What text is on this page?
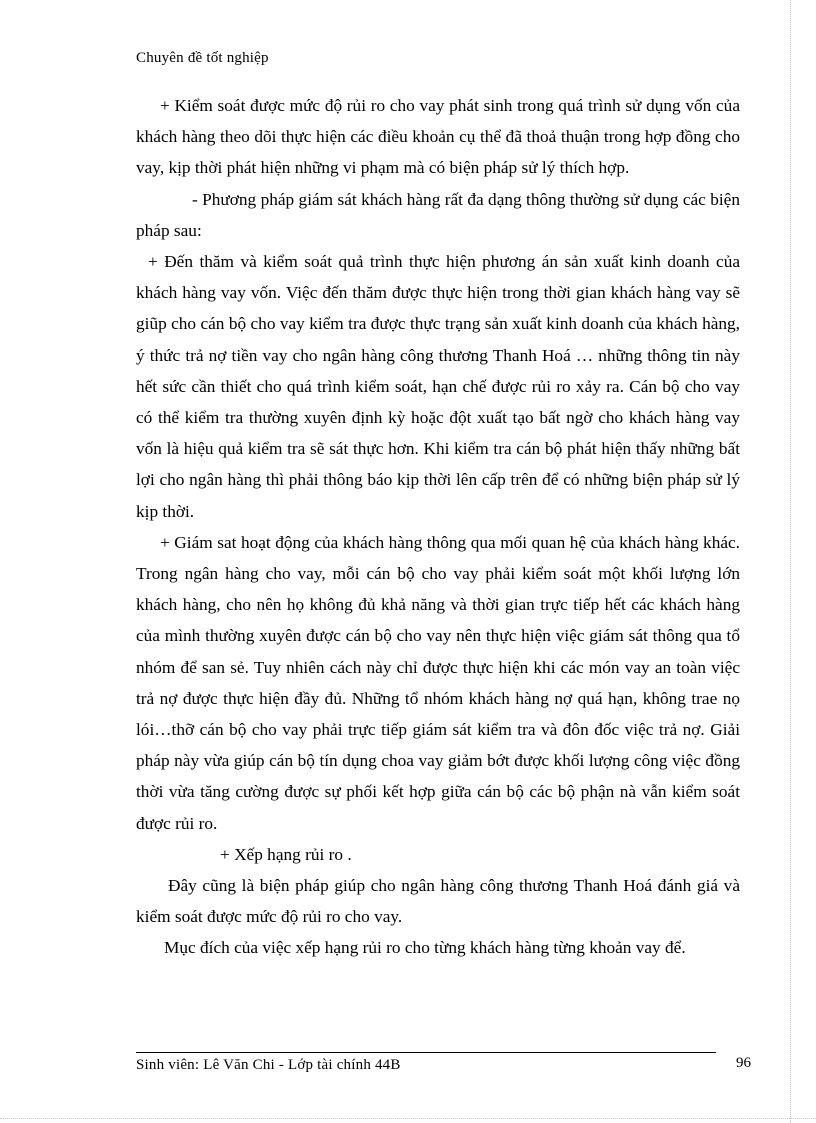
Chuyên đề tốt nghiệp

+ Kiểm soát được mức độ rủi ro cho vay phát sinh trong quá trình sử dụng vốn của khách hàng theo dõi thực hiện các điều khoản cụ thể đã thoả thuận trong hợp đồng cho vay, kịp thời phát hiện những vi phạm mà có biện pháp sử lý thích hợp.

- Phương pháp giám sát khách hàng rất đa dạng thông thường sử dụng các biện pháp sau:

+ Đến thăm và kiểm soát quả trình thực hiện phương án sản xuất kinh doanh của khách hàng vay vốn. Việc đến thăm được thực hiện trong thời gian khách hàng vay sẽ giũp cho cán bộ cho vay kiểm tra được thực trạng sản xuất kinh doanh của khách hàng, ý thức trả nợ tiền vay cho ngân hàng công thương Thanh Hoá … những thông tin này hết sức cần thiết cho quá trình kiểm soát, hạn chế được rủi ro xảy ra. Cán bộ cho vay có thể kiểm tra thường xuyên định kỳ hoặc đột xuất tạo bất ngờ cho khách hàng vay vốn là hiệu quả kiểm tra sẽ sát thực hơn. Khi kiểm tra cán bộ phát hiện thấy những bất lợi cho ngân hàng thì phải thông báo kịp thời lên cấp trên để có những biện pháp sử lý kịp thời.

+ Giám sat hoạt động của khách hàng thông qua mối quan hệ của khách hàng khác. Trong ngân hàng cho vay, mỗi cán bộ cho vay phải kiểm soát một khối lượng lớn khách hàng, cho nên họ không đủ khả năng và thời gian trực tiếp hết các khách hàng của mình thường xuyên được cán bộ cho vay nên thực hiện việc giám sát thông qua tổ nhóm để san sẻ. Tuy nhiên cách này chỉ được thực hiện khi các món vay an toàn việc trả nợ được thực hiện đầy đủ. Những tổ nhóm khách hàng nợ quá hạn, không trae nọ lói…thỡ cán bộ cho vay phải trực tiếp giám sát kiểm tra và đôn đốc việc trả nợ. Giải pháp này vừa giúp cán bộ tín dụng choa vay giảm bớt được khối lượng công việc đồng thời vừa tăng cường được sự phối kết hợp giữa cán bộ các bộ phận nà vẫn kiểm soát được rủi ro.

+ Xếp hạng rủi ro .

Đây cũng là biện pháp giúp cho ngân hàng công thương Thanh Hoá đánh giá và kiểm soát được mức độ rủi ro cho vay.

Mục đích của việc xếp hạng rủi ro cho từng khách hàng từng khoản vay để.

Sinh viên: Lê Văn Chi - Lớp tài chính 44B	96
